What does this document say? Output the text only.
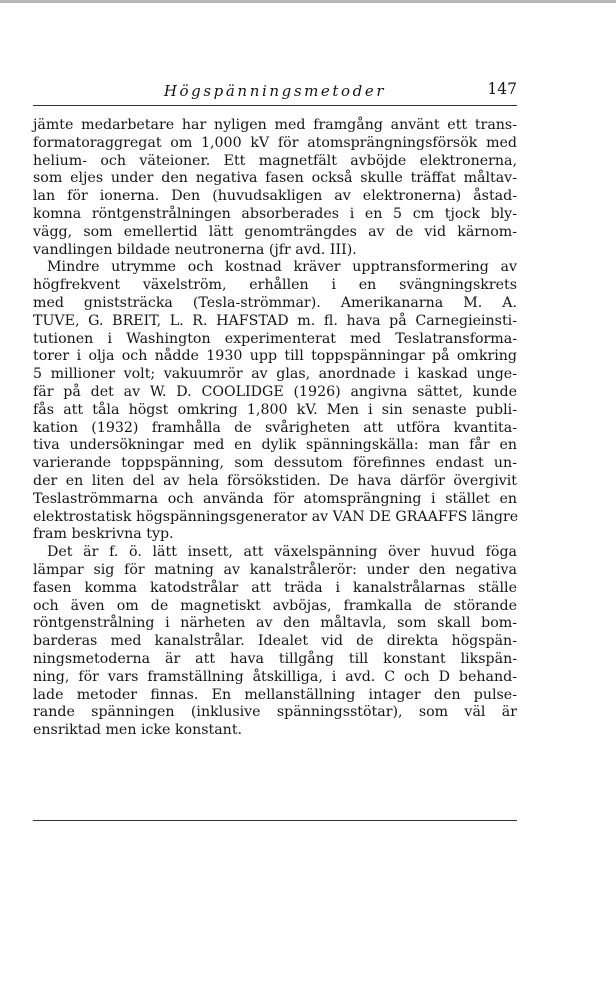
Högspänningsmetoder	147
jämte medarbetare har nyligen med framgång använt ett trans-
formatoraggregat om 1,000 kV för atomsprängningsförsök med
helium- och väteioner. Ett magnetfält avböjde elektronerna,
som eljes under den negativa fasen också skulle träffat måltav-
lan för ionerna. Den (huvudsakligen av elektronerna) åstad-
komna röntgenstrålningen absorberades i en 5 cm tjock bly-
vägg, som emellertid lätt genomträngdes av de vid kärnom-
vandlingen bildade neutronerna (jfr avd. III).
Mindre utrymme och kostnad kräver upptransformering av
högfrekvent växelström, erhållen i en svängningskrets
med gniststräcka (Tesla-strömmar). Amerikanarna M. A.
TUVE, G. BREIT, L. R. HAFSTAD m. fl. hava på Carnegieinsti-
tutionen i Washington experimenterat med Teslatransforma-
torer i olja och nådde 1930 upp till toppspänningar på omkring
5 millioner volt; vakuumrör av glas, anordnade i kaskad unge-
fär på det av W. D. COOLIDGE (1926) angivna sättet, kunde
fås att tåla högst omkring 1,800 kV. Men i sin senaste publi-
kation (1932) framhålla de svårigheten att utföra kvantita-
tiva undersökningar med en dylik spänningskälla: man får en
varierande toppspänning, som dessutom förefinnes endast un-
der en liten del av hela försökstiden. De hava därför övergivit
Teslaströmmarna och använda för atomsprängning i stället en
elektrostatisk högspänningsgenerator av VAN DE GRAAFFS längre
fram beskrivna typ.
Det är f. ö. lätt insett, att växelspänning över huvud föga
lämpar sig för matning av kanalstrålerör: under den negativa
fasen komma katodstrålar att träda i kanalstrålarnas ställe
och även om de magnetiskt avböjas, framkalla de störande
röntgenstrålning i närheten av den måltavla, som skall bom-
barderas med kanalstrålar. Idealet vid de direkta högspän-
ningsmetoderna är att hava tillgång till konstant likspän-
ning, för vars framställning åtskilliga, i avd. C och D behand-
lade metoder finnas. En mellanställning intager den pulse-
rande spänningen (inklusive spänningsstötar), som väl är
ensriktad men icke konstant.
